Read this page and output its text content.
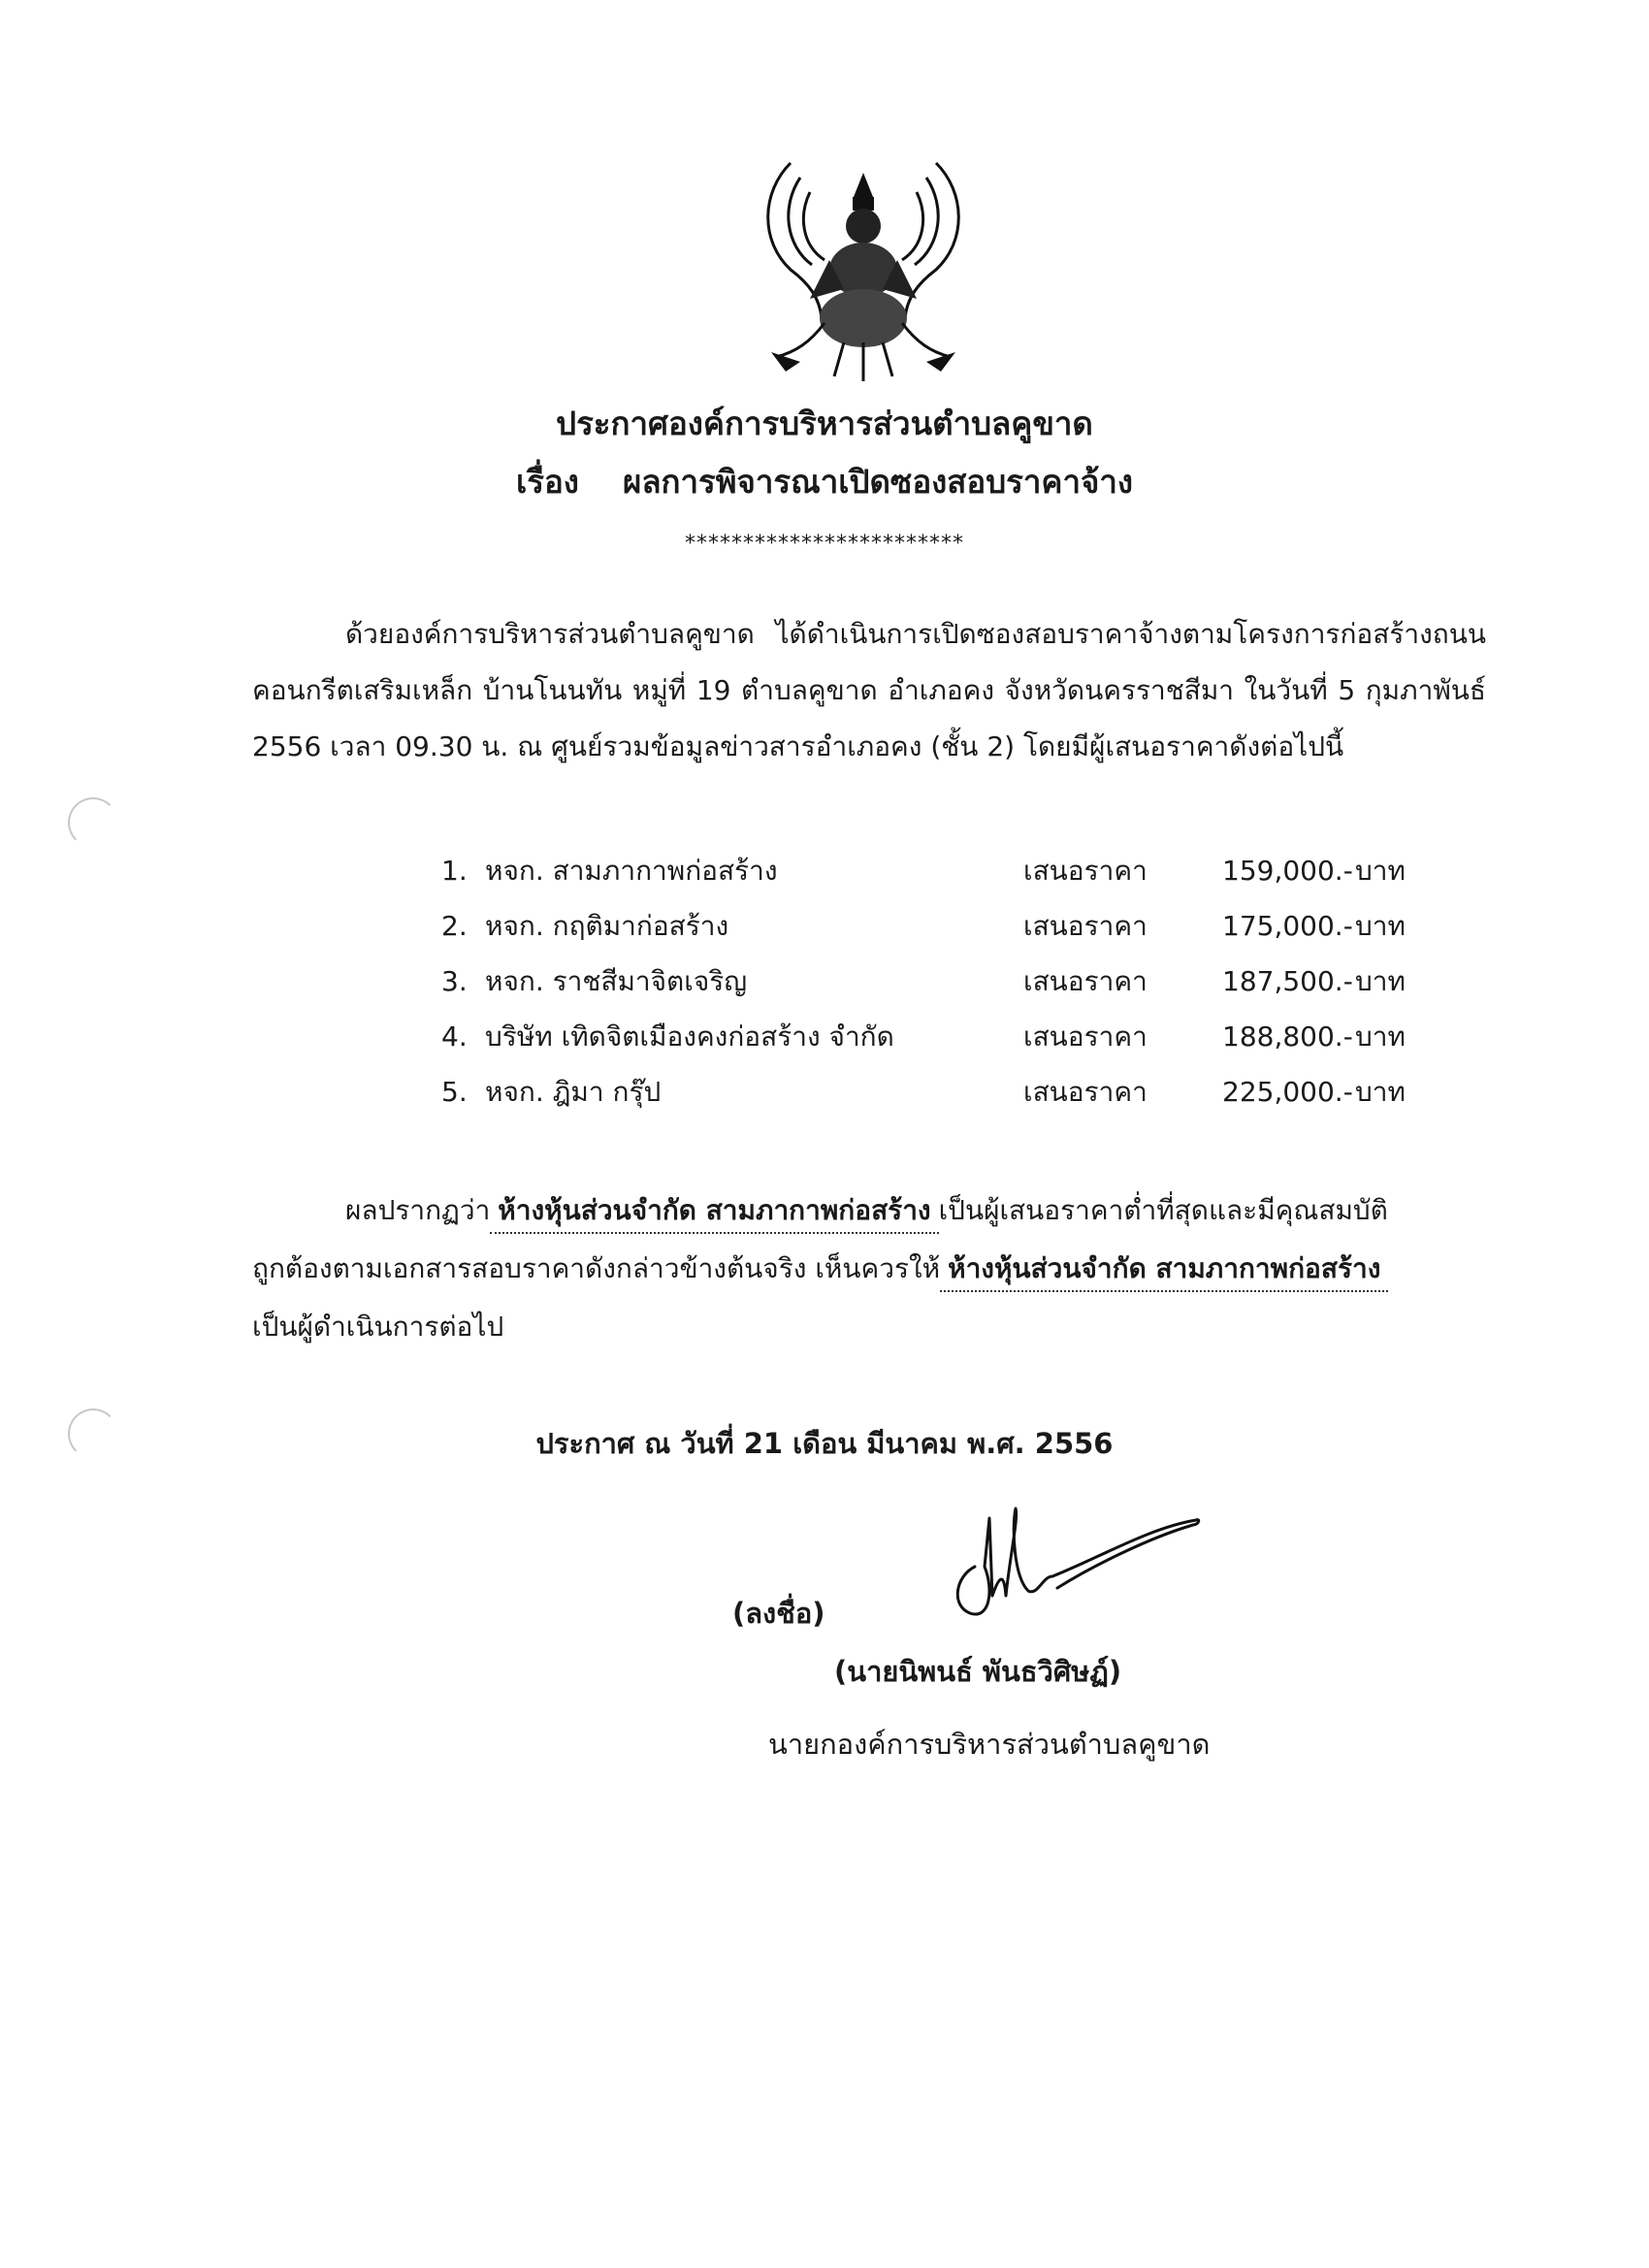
ประกาศองค์การบริหารส่วนตำบลคูขาด
เรื่อง ผลการพิจารณาเปิดซองสอบราคาจ้าง
************************
ด้วยองค์การบริหารส่วนตำบลคูขาด ได้ดำเนินการเปิดซองสอบราคาจ้างตามโครงการก่อสร้างถนนคอนกรีตเสริมเหล็ก บ้านโนนทัน หมู่ที่ 19 ตำบลคูขาด อำเภอคง จังหวัดนครราชสีมา ในวันที่ 5 กุมภาพันธ์ 2556 เวลา 09.30 น. ณ ศูนย์รวมข้อมูลข่าวสารอำเภอคง (ชั้น 2) โดยมีผู้เสนอราคาดังต่อไปนี้
1. หจก. สามภากาพก่อสร้าง	เสนอราคา	159,000.- บาท
2. หจก. กฤติมาก่อสร้าง	เสนอราคา	175,000.- บาท
3. หจก. ราชสีมาจิตเจริญ	เสนอราคา	187,500.- บาท
4. บริษัท เทิดจิตเมืองคงก่อสร้าง จำกัด	เสนอราคา	188,800.- บาท
5. หจก. ฎิมา กรุ๊ป	เสนอราคา	225,000.- บาท
ผลปรากฏว่า ห้างหุ้นส่วนจำกัด สามภากาพก่อสร้าง เป็นผู้เสนอราคาต่ำที่สุดและมีคุณสมบัติ
ถูกต้องตามเอกสารสอบราคาดังกล่าวข้างต้นจริง เห็นควรให้ ห้างหุ้นส่วนจำกัด สามภากาพก่อสร้าง
เป็นผู้ดำเนินการต่อไป
ประกาศ ณ วันที่ 21 เดือน มีนาคม พ.ศ. 2556
(ลงชื่อ)
(นายนิพนธ์ พันธวิศิษฏ์)
นายกองค์การบริหารส่วนตำบลคูขาด
